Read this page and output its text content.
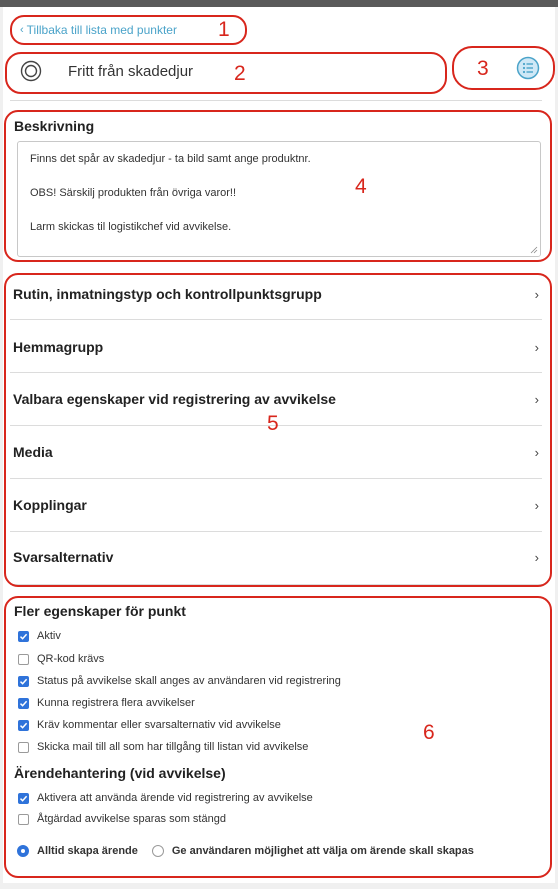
‹ Tillbaka till lista med punkter
Fritt från skadedjur
Beskrivning

Finns det spår av skadedjur - ta bild samt ange produktnr.

OBS! Särskilj produkten från övriga varor!!

Larm skickas til logistikchef vid avvikelse.

Rutin, inmatningstyp och kontrollpunktsgrupp	›
Hemmagrupp	›
Valbara egenskaper vid registrering av avvikelse	›
Media	›
Kopplingar	›
Svarsalternativ	›
Fler egenskaper för punkt
Aktiv
QR-kod krävs
Status på avvikelse skall anges av användaren vid registrering
Kunna registrera flera avvikelser
Kräv kommentar eller svarsalternativ vid avvikelse
Skicka mail till all som har tillgång till listan vid avvikelse
Ärendehantering (vid avvikelse)
Aktivera att använda ärende vid registrering av avvikelse
Åtgärdad avvikelse sparas som stängd
Alltid skapa ärende	Ge användaren möjlighet att välja om ärende skall skapas
1
2	3
4
5
6
